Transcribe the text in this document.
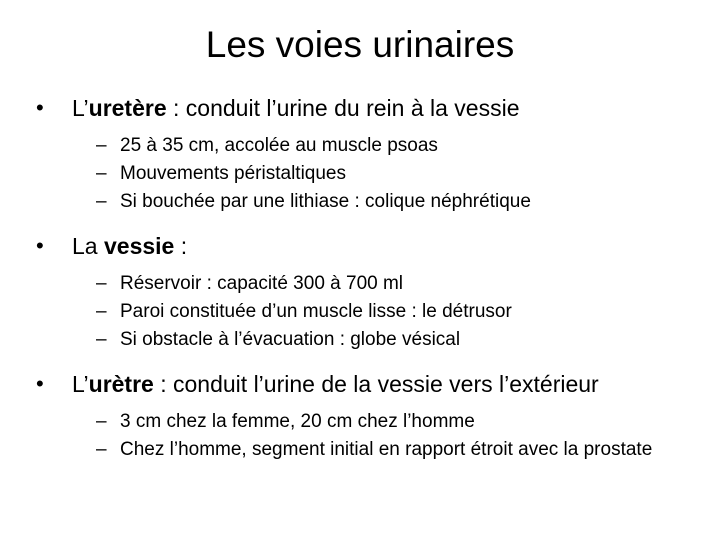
Les voies urinaires
•	L’uretère : conduit l’urine du rein à la vessie
– 25 à 35 cm, accolée au muscle psoas
– Mouvements péristaltiques
– Si bouchée par une lithiase : colique néphrétique
•	La vessie :
– Réservoir : capacité 300 à 700 ml
– Paroi constituée d’un muscle lisse : le détrusor
– Si obstacle à l’évacuation : globe vésical
•	L’urètre : conduit l’urine de la vessie vers l’extérieur
– 3 cm chez la femme, 20 cm chez l’homme
– Chez l’homme, segment initial en rapport étroit avec la prostate
